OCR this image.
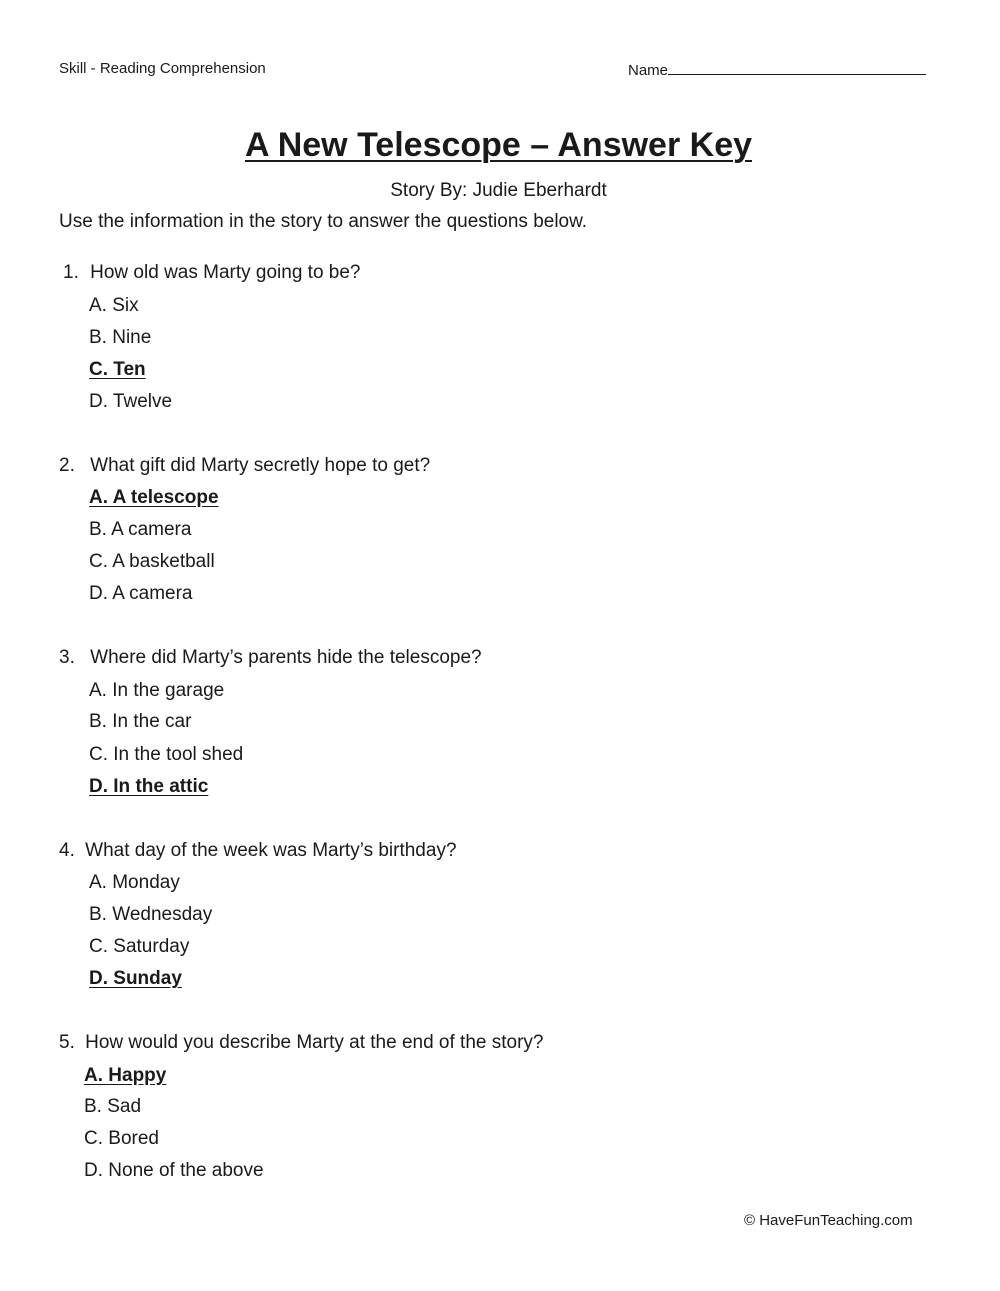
Skill - Reading Comprehension	Name
A New Telescope – Answer Key
Story By: Judie Eberhardt
Use the information in the story to answer the questions below.
1. How old was Marty going to be?
A. Six
B. Nine
C. Ten
D. Twelve
2. What gift did Marty secretly hope to get?
A. A telescope
B. A camera
C. A basketball
D. A camera
3. Where did Marty’s parents hide the telescope?
A. In the garage
B. In the car
C. In the tool shed
D. In the attic
4. What day of the week was Marty’s birthday?
A. Monday
B. Wednesday
C. Saturday
D. Sunday
5. How would you describe Marty at the end of the story?
A. Happy
B. Sad
C. Bored
D. None of the above
© HaveFunTeaching.com
